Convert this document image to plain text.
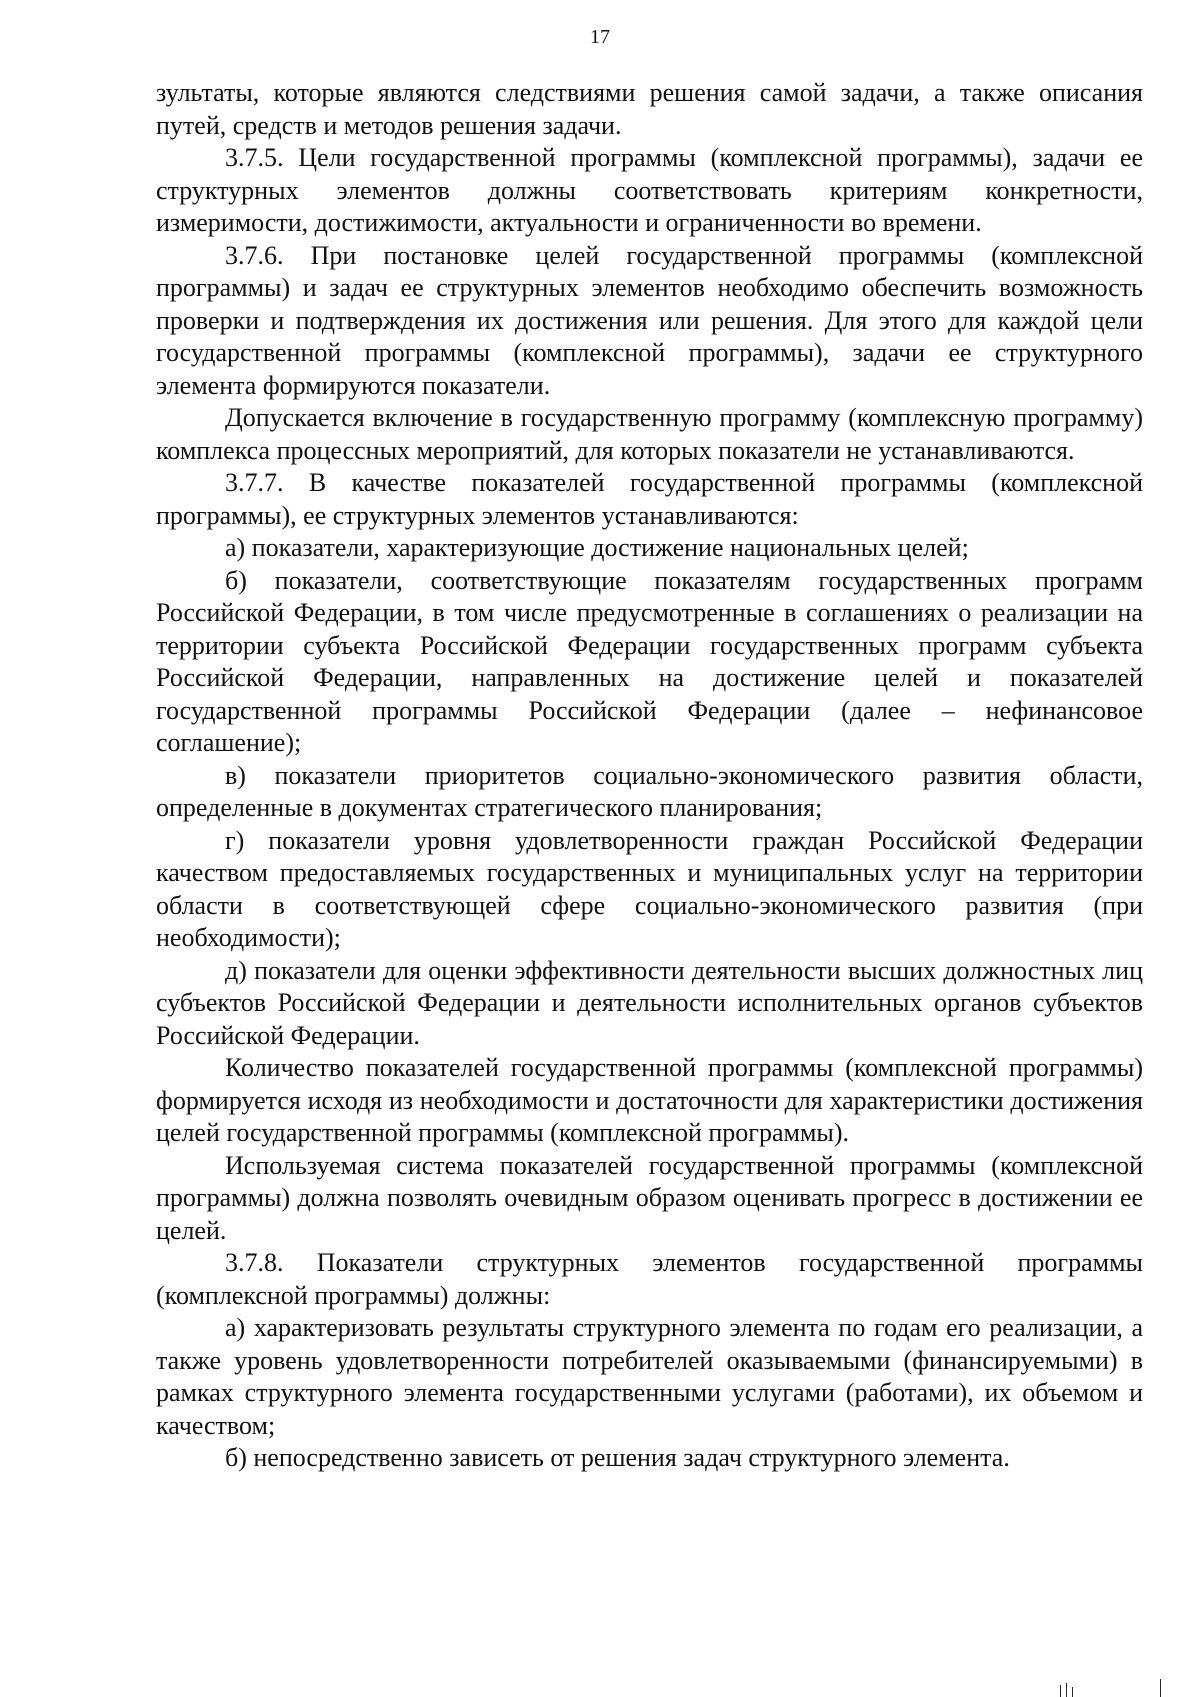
17

зультаты, которые являются следствиями решения самой задачи, а также описания путей, средств и методов решения задачи.

3.7.5. Цели государственной программы (комплексной программы), задачи ее структурных элементов должны соответствовать критериям конкретности, измеримости, достижимости, актуальности и ограниченности во времени.

3.7.6. При постановке целей государственной программы (комплексной программы) и задач ее структурных элементов необходимо обеспечить возможность проверки и подтверждения их достижения или решения. Для этого для каждой цели государственной программы (комплексной программы), задачи ее структурного элемента формируются показатели.

Допускается включение в государственную программу (комплексную программу) комплекса процессных мероприятий, для которых показатели не устанавливаются.

3.7.7. В качестве показателей государственной программы (комплексной программы), ее структурных элементов устанавливаются:

а) показатели, характеризующие достижение национальных целей;

б) показатели, соответствующие показателям государственных программ Российской Федерации, в том числе предусмотренные в соглашениях о реализации на территории субъекта Российской Федерации государственных программ субъекта Российской Федерации, направленных на достижение целей и показателей государственной программы Российской Федерации (далее – нефинансовое соглашение);

в) показатели приоритетов социально-экономического развития области, определенные в документах стратегического планирования;

г) показатели уровня удовлетворенности граждан Российской Федерации качеством предоставляемых государственных и муниципальных услуг на территории области в соответствующей сфере социально-экономического развития (при необходимости);

д) показатели для оценки эффективности деятельности высших должностных лиц субъектов Российской Федерации и деятельности исполнительных органов субъектов Российской Федерации.

Количество показателей государственной программы (комплексной программы) формируется исходя из необходимости и достаточности для характеристики достижения целей государственной программы (комплексной программы).

Используемая система показателей государственной программы (комплексной программы) должна позволять очевидным образом оценивать прогресс в достижении ее целей.

3.7.8. Показатели структурных элементов государственной программы (комплексной программы) должны:

а) характеризовать результаты структурного элемента по годам его реализации, а также уровень удовлетворенности потребителей оказываемыми (финансируемыми) в рамках структурного элемента государственными услугами (работами), их объемом и качеством;

б) непосредственно зависеть от решения задач структурного элемента.
